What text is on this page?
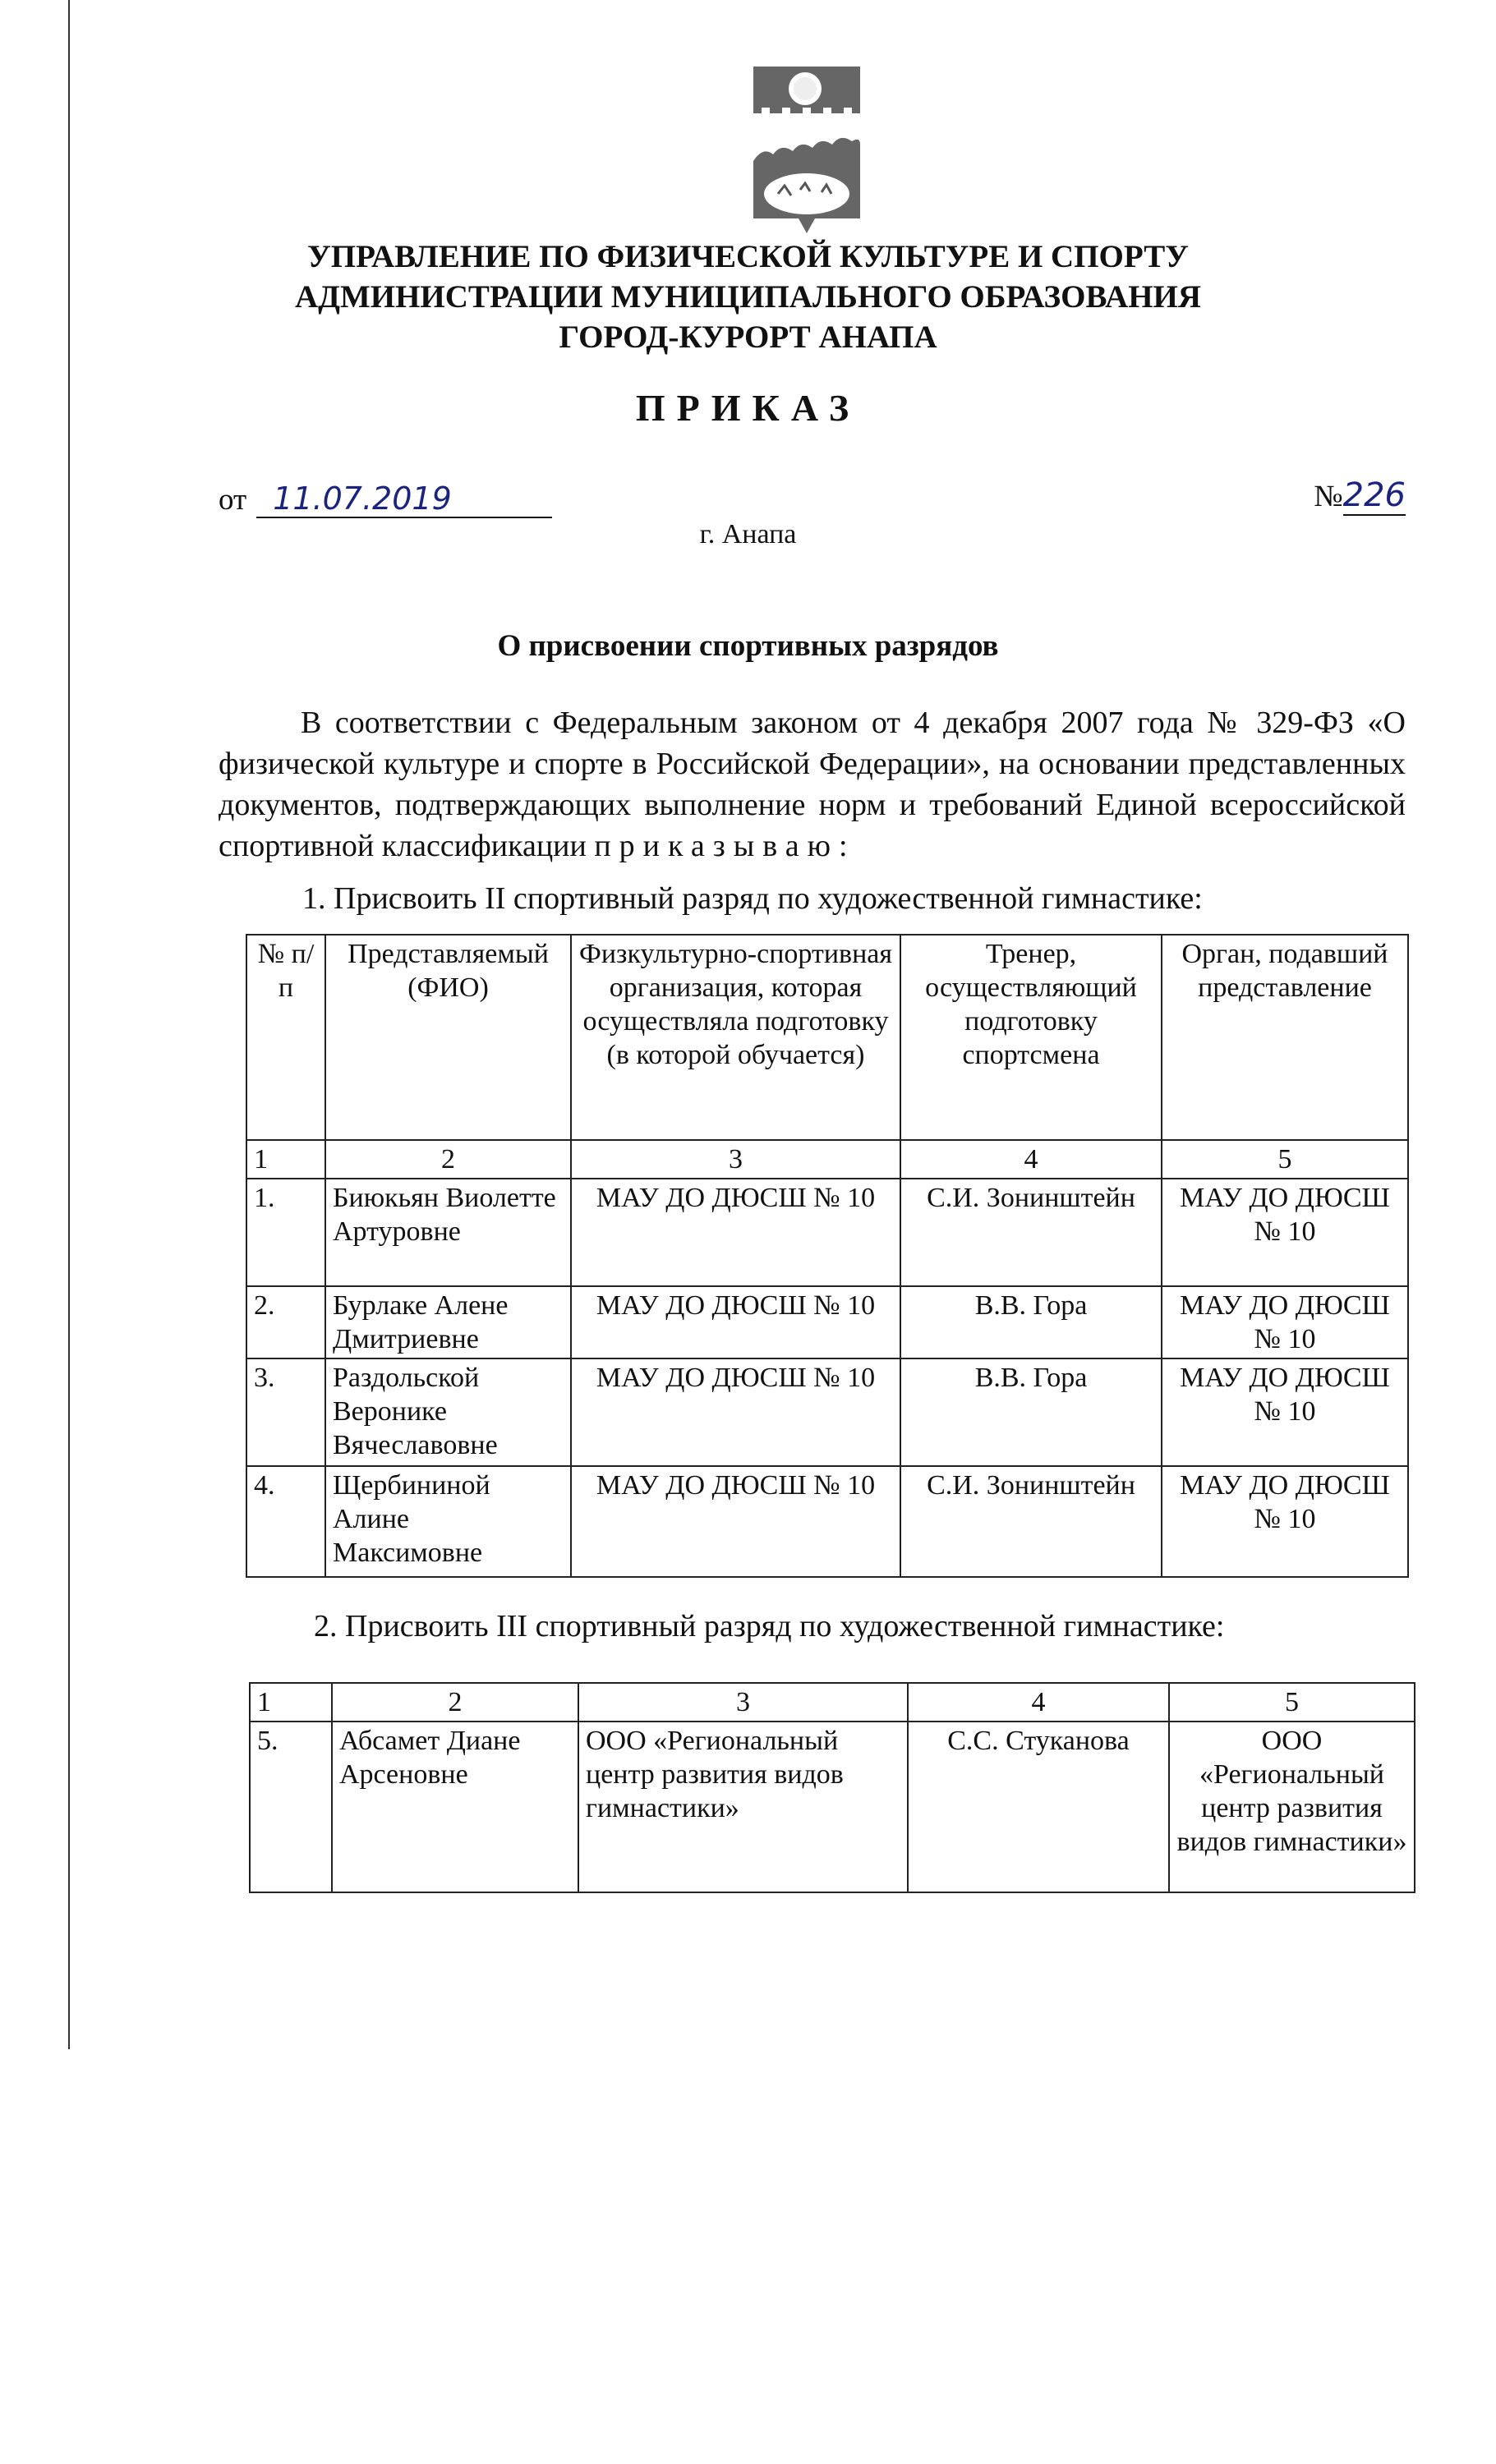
УПРАВЛЕНИЕ ПО ФИЗИЧЕСКОЙ КУЛЬТУРЕ И СПОРТУ
АДМИНИСТРАЦИИ МУНИЦИПАЛЬНОГО ОБРАЗОВАНИЯ
ГОРОД-КУРОРТ АНАПА
ПРИКАЗ
от 11.07.2019	№226
г. Анапа
О присвоении спортивных разрядов
В соответствии с Федеральным законом от 4 декабря 2007 года № 329-ФЗ «О физической культуре и спорте в Российской Федерации», на основании представленных документов, подтверждающих выполнение норм и требований Единой всероссийской спортивной классификации приказываю:
1. Присвоить II спортивный разряд по художественной гимнастике:
№ п/п	Представляемый (ФИО)	Физкультурно-спортивная организация, которая осуществляла подготовку (в которой обучается)	Тренер, осуществляющий подготовку спортсмена	Орган, подавший представление
1	2	3	4	5
1.	Биюкьян Виолетте Артуровне	МАУ ДО ДЮСШ № 10	С.И. Зонинштейн	МАУ ДО ДЮСШ № 10
2.	Бурлаке Алене Дмитриевне	МАУ ДО ДЮСШ № 10	В.В. Гора	МАУ ДО ДЮСШ № 10
3.	Раздольской Веронике Вячеславовне	МАУ ДО ДЮСШ № 10	В.В. Гора	МАУ ДО ДЮСШ № 10
4.	Щербининой Алине Максимовне	МАУ ДО ДЮСШ № 10	С.И. Зонинштейн	МАУ ДО ДЮСШ № 10
2. Присвоить III спортивный разряд по художественной гимнастике:
1	2	3	4	5
5.	Абсамет Диане Арсеновне	ООО «Региональный центр развития видов гимнастики»	С.С. Стуканова	ООО «Региональный центр развития видов гимнастики»
